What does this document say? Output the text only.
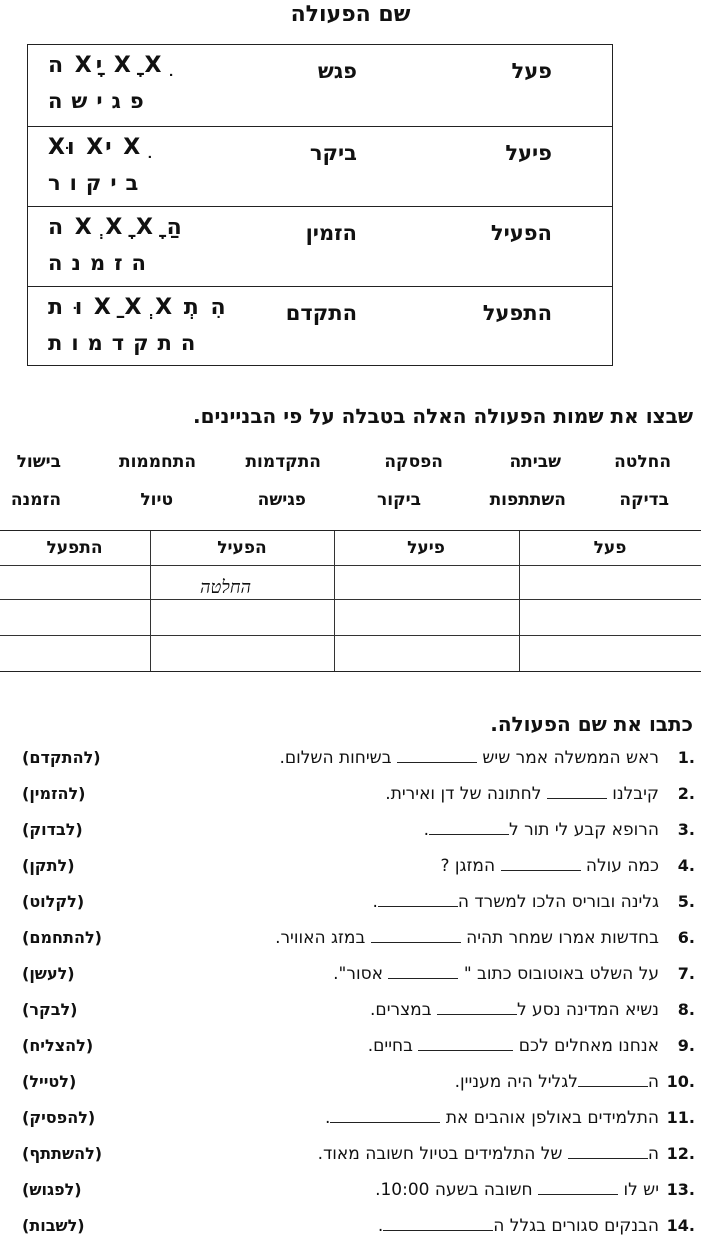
שם הפעולה
פעל
פגש
Xָ Xִ יXָ ה
פגישה
פיעל
ביקר
Xִ יX וּX
ביקור
הפעיל
הזמין
הַ Xְ Xָ Xָ ה
הזמנה
התפעל
התקדם
הִ תְ Xַ Xְ X וּ ת
התקדמות
שבצו את שמות הפעולה האלה בטבלה על פי הבניינים.
החלטה
שביתה
הפסקה
התקדמות
התחממות
בישול
בדיקה
השתתפות
ביקור
פגישה
טיול
הזמנה
פעל
פיעל
הפעיל
התפעל
החלטה
כתבו את שם הפעולה.
1.
ראש הממשלה אמר שיש  בשיחות השלום.
(להתקדם)
2.
קיבלנו  לחתונה של דן ואירית.
(להזמין)
3.
הרופא קבע לי תור ל.
(לבדוק)
4.
כמה עולה  המזגן ?
(לתקן)
5.
גלינה ובוריס הלכו למשרד ה.
(לקלוט)
6.
בחדשות אמרו שמחר תהיה  במזג האוויר.
(להתחמם)
7.
על השלט באוטובוס כתוב "  אסור".
(לעשן)
8.
נשיא המדינה נסע ל במצרים.
(לבקר)
9.
אנחנו מאחלים לכם  בחיים.
(להצליח)
10.
הלגליל היה מעניין.
(לטייל)
11.
התלמידים באולפן אוהבים את .
(להפסיק)
12.
ה של התלמידים בטיול חשובה מאוד.
(להשתתף)
13.
יש לו  חשובה בשעה 10:00.
(לפגוש)
14.
הבנקים סגורים בגלל ה.
(לשבות)
